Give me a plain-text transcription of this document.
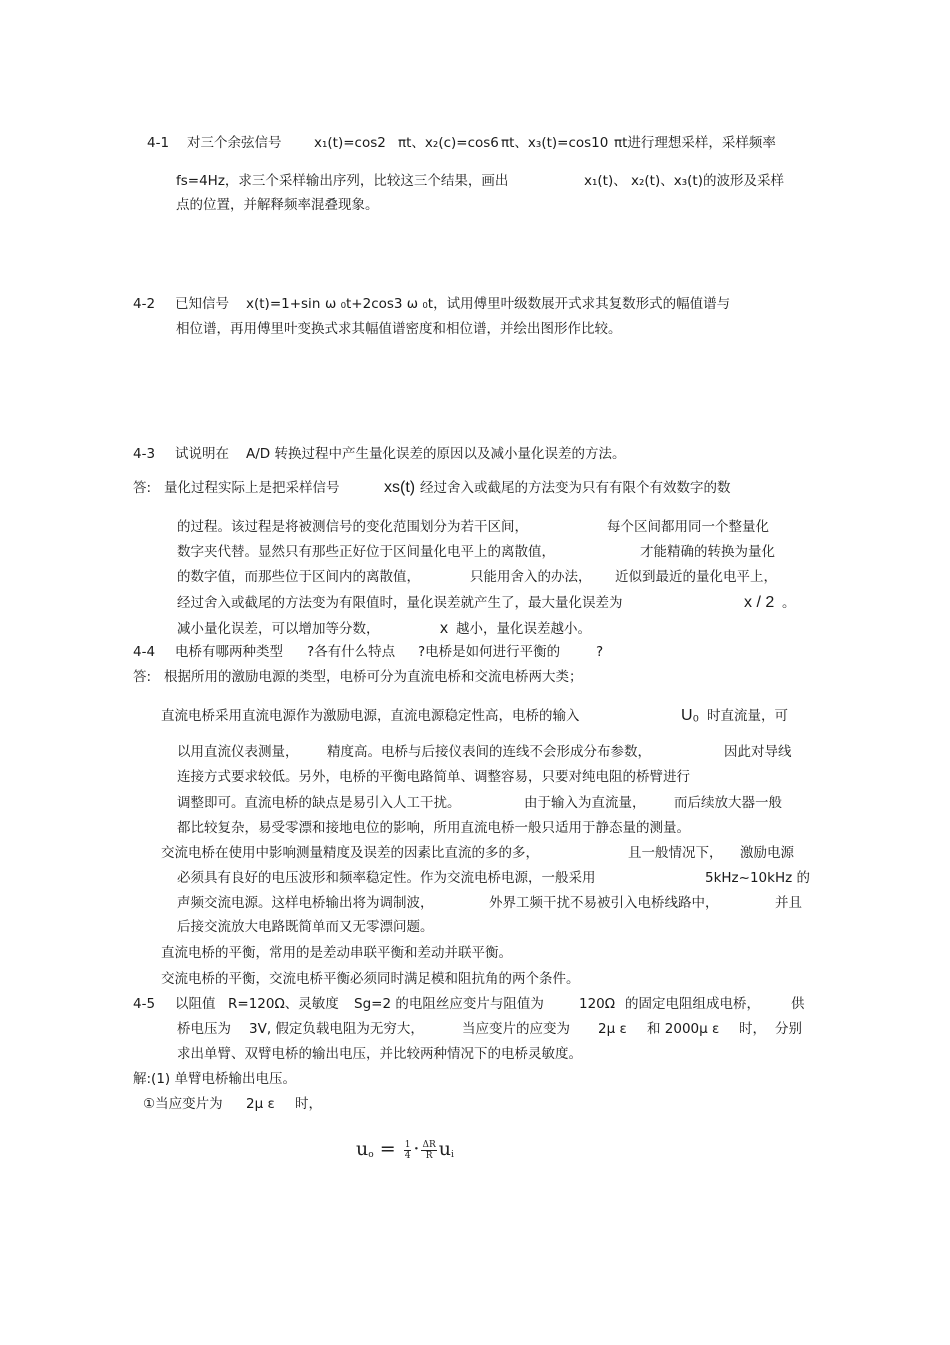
4-1 对三个余弦信号 x₁(t)=cos2 πt、x₂(c)=cos6 πt、x₃(t)=cos10 πt进行理想采样，采样频率
fs=4Hz，求三个采样输出序列，比较这三个结果，画出	x₁(t)、 x₂(t)、x₃(t)的波形及采样
点的位置，并解释频率混叠现象。
4-2 已知信号 x(t)=1+sin ω ₀t+2cos3 ω ₀t，试用傅里叶级数展开式求其复数形式的幅值谱与
相位谱，再用傅里叶变换式求其幅值谱密度和相位谱，并绘出图形作比较。
4-3 试说明在 A/D 转换过程中产生量化误差的原因以及减小量化误差的方法。
答: 量化过程实际上是把采样信号	xs(t) 经过舍入或截尾的方法变为只有有限个有效数字的数
的过程。该过程是将被测信号的变化范围划分为若干区间，	每个区间都用同一个整量化
数字夹代替。显然只有那些正好位于区间量化电平上的离散值，	才能精确的转换为量化
的数字值，而那些位于区间内的离散值，	只能用舍入的办法， 近似到最近的量化电平上，
经过舍入或截尾的方法变为有限值时，量化误差就产生了，最大量化误差为	x / 2 。
减小量化误差，可以增加等分数，	x 越小，量化误差越小。
4-4 电桥有哪两种类型 ?各有什么特点 ?电桥是如何进行平衡的	?
答: 根据所用的激励电源的类型，电桥可分为直流电桥和交流电桥两大类；
直流电桥采用直流电源作为激励电源，直流电源稳定性高，电桥的输入	U₀ 时直流量，可
以用直流仪表测量， 精度高。电桥与后接仪表间的连线不会形成分布参数，	因此对导线
连接方式要求较低。另外，电桥的平衡电路简单、调整容易，只要对纯电阻的桥臂进行
调整即可。直流电桥的缺点是易引入人工干扰。	由于输入为直流量， 而后续放大器一般
都比较复杂，易受零漂和接地电位的影响，所用直流电桥一般只适用于静态量的测量。
交流电桥在使用中影响测量精度及误差的因素比直流的多的多，	且一般情况下， 激励电源
必须具有良好的电压波形和频率稳定性。作为交流电桥电源，一般采用	5kHz~10kHz 的
声频交流电源。这样电桥输出将为调制波，	外界工频干扰不易被引入电桥线路中，	并且
后接交流放大电路既简单而又无零漂问题。
直流电桥的平衡，常用的是差动串联平衡和差动并联平衡。
交流电桥的平衡，交流电桥平衡必须同时满足模和阻抗角的两个条件。
4-5 以阻值 R=120Ω、灵敏度 Sg=2 的电阻丝应变片与阻值为	120Ω 的固定电阻组成电桥， 供
桥电压为 3V, 假定负载电阻为无穷大，	当应变片的应变为 2μ ε 和 2000μ ε 时， 分别
求出单臂、双臂电桥的输出电压，并比较两种情况下的电桥灵敏度。
解:(1) 单臂电桥输出电压。
①当应变片为 2μ ε 时，
$u_o = \frac{1}{4} \cdot \frac{\Delta R}{R} u_i$
